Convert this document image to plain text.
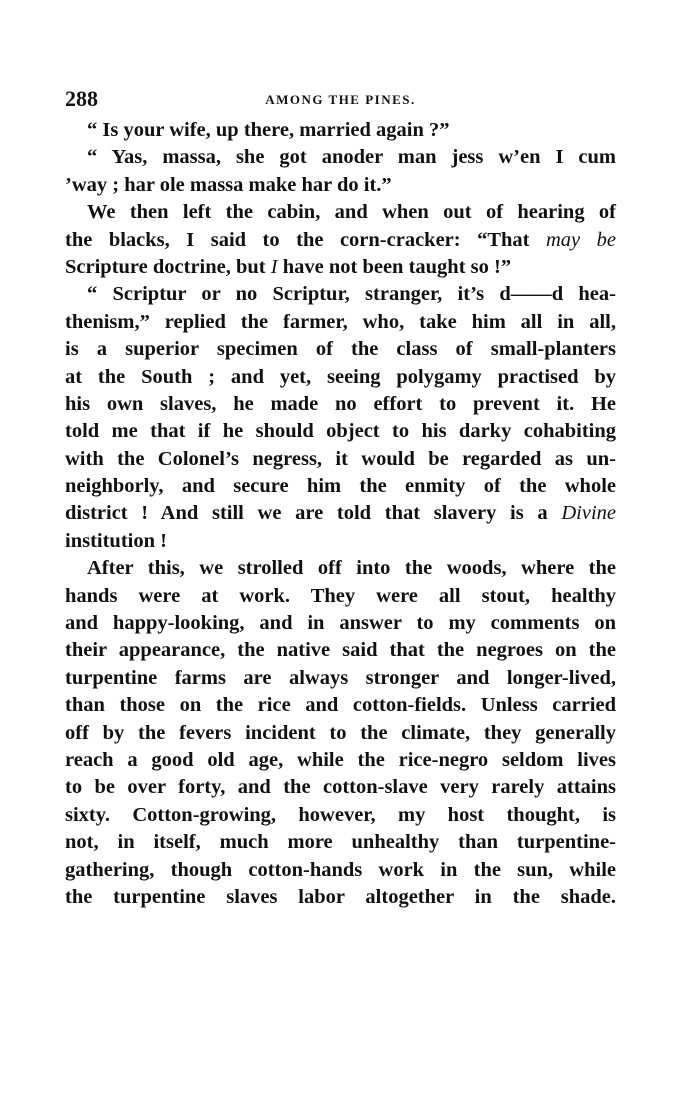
288	AMONG THE PINES.
“ Is your wife, up there, married again ?”
“ Yas, massa, she got anoder man jess w’en I cum
’way ; har ole massa make har do it.”
We then left the cabin, and when out of hearing of
the blacks, I said to the corn-cracker: “That may be
Scripture doctrine, but I have not been taught so !”
“ Scriptur or no Scriptur, stranger, it’s d——d hea-
thenism,” replied the farmer, who, take him all in all,
is a superior specimen of the class of small-planters
at the South ; and yet, seeing polygamy practised by
his own slaves, he made no effort to prevent it. He
told me that if he should object to his darky cohabiting
with the Colonel’s negress, it would be regarded as un-
neighborly, and secure him the enmity of the whole
district ! And still we are told that slavery is a Divine
institution !
After this, we strolled off into the woods, where the
hands were at work. They were all stout, healthy
and happy-looking, and in answer to my comments on
their appearance, the native said that the negroes on the
turpentine farms are always stronger and longer-lived,
than those on the rice and cotton-fields. Unless carried
off by the fevers incident to the climate, they generally
reach a good old age, while the rice-negro seldom lives
to be over forty, and the cotton-slave very rarely attains
sixty. Cotton-growing, however, my host thought, is
not, in itself, much more unhealthy than turpentine-
gathering, though cotton-hands work in the sun, while
the turpentine slaves labor altogether in the shade.
